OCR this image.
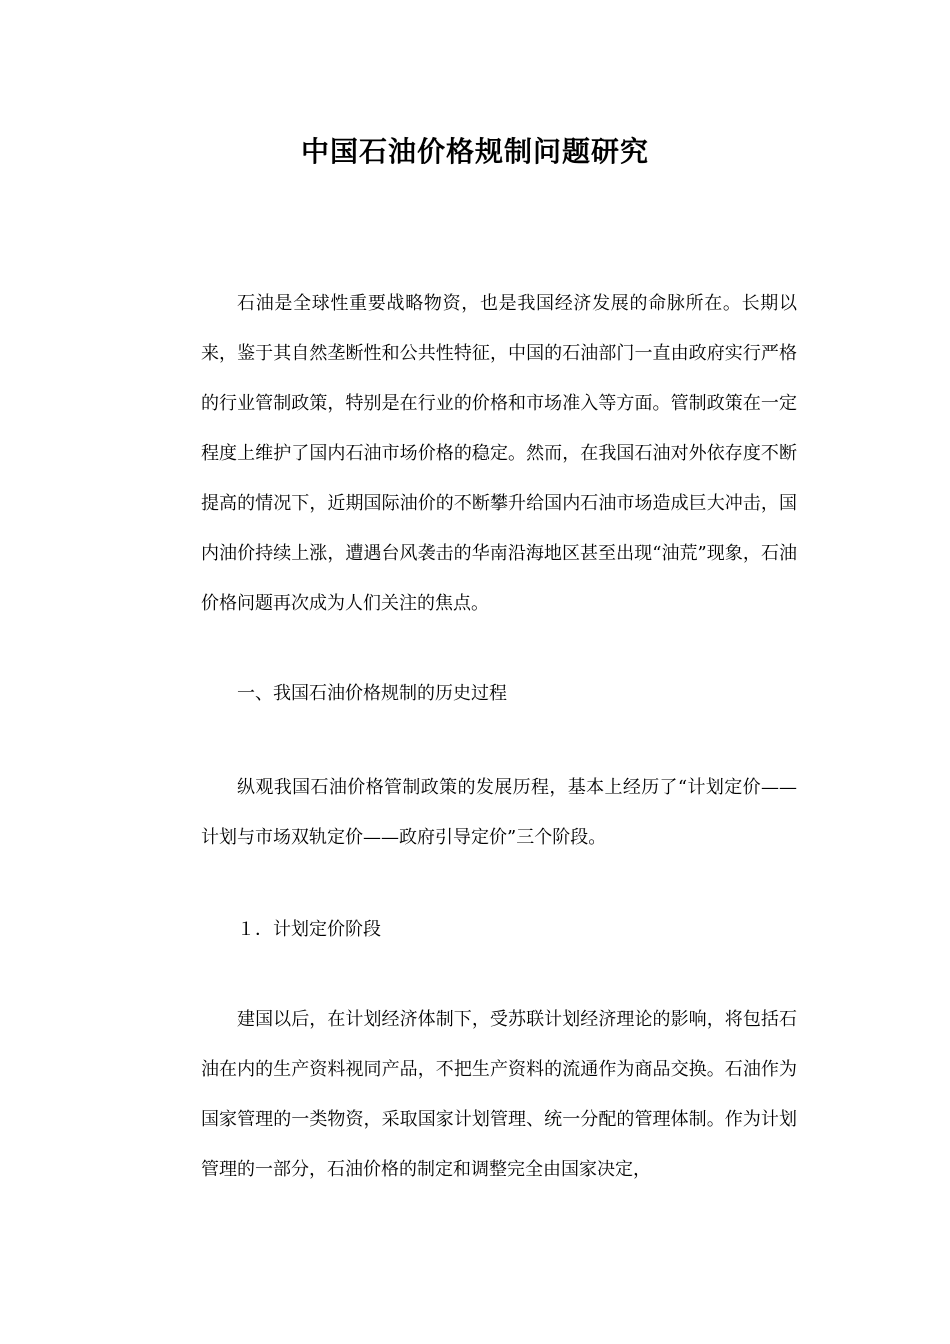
中国石油价格规制问题研究

石油是全球性重要战略物资，也是我国经济发展的命脉所在。长期以来，鉴于其自然垄断性和公共性特征，中国的石油部门一直由政府实行严格的行业管制政策，特别是在行业的价格和市场准入等方面。管制政策在一定程度上维护了国内石油市场价格的稳定。然而，在我国石油对外依存度不断提高的情况下，近期国际油价的不断攀升给国内石油市场造成巨大冲击，国内油价持续上涨，遭遇台风袭击的华南沿海地区甚至出现“油荒”现象，石油价格问题再次成为人们关注的焦点。

一、我国石油价格规制的历史过程

纵观我国石油价格管制政策的发展历程，基本上经历了“计划定价——计划与市场双轨定价——政府引导定价”三个阶段。

１．计划定价阶段

建国以后，在计划经济体制下，受苏联计划经济理论的影响，将包括石油在内的生产资料视同产品，不把生产资料的流通作为商品交换。石油作为国家管理的一类物资，采取国家计划管理、统一分配的管理体制。作为计划管理的一部分，石油价格的制定和调整完全由国家决定，
